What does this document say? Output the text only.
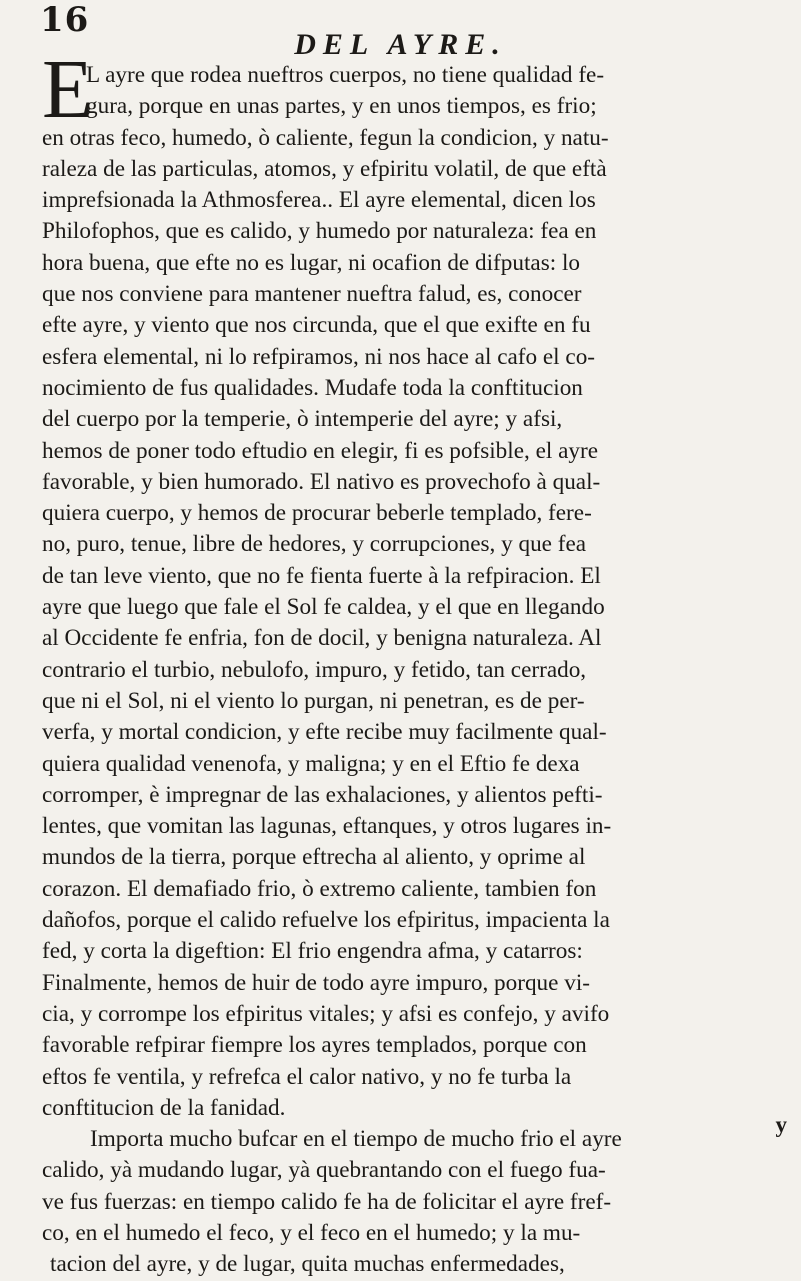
16
DEL AYRE.
E
L ayre que rodea nueftros cuerpos, no tiene qualidad fe-
gura, porque en unas partes, y en unos tiempos, es frio;
en otras feco, humedo, ò caliente, fegun la condicion, y natu-
raleza de las particulas, atomos, y efpiritu volatil, de que eftà
imprefsionada la Athmosferea.. El ayre elemental, dicen los
Philofophos, que es calido, y humedo por naturaleza: fea en
hora buena, que efte no es lugar, ni ocafion de difputas: lo
que nos conviene para mantener nueftra falud, es, conocer
efte ayre, y viento que nos circunda, que el que exifte en fu
esfera elemental, ni lo refpiramos, ni nos hace al cafo el co-
nocimiento de fus qualidades. Mudafe toda la conftitucion
del cuerpo por la temperie, ò intemperie del ayre; y afsi,
hemos de poner todo eftudio en elegir, fi es pofsible, el ayre
favorable, y bien humorado. El nativo es provechofo à qual-
quiera cuerpo, y hemos de procurar beberle templado, fere-
no, puro, tenue, libre de hedores, y corrupciones, y que fea
de tan leve viento, que no fe fienta fuerte à la refpiracion. El
ayre que luego que fale el Sol fe caldea, y el que en llegando
al Occidente fe enfria, fon de docil, y benigna naturaleza. Al
contrario el turbio, nebulofo, impuro, y fetido, tan cerrado,
que ni el Sol, ni el viento lo purgan, ni penetran, es de per-
verfa, y mortal condicion, y efte recibe muy facilmente qual-
quiera qualidad venenofa, y maligna; y en el Eftio fe dexa
corromper, è impregnar de las exhalaciones, y alientos pefti-
lentes, que vomitan las lagunas, eftanques, y otros lugares in-
mundos de la tierra, porque eftrecha al aliento, y oprime al
corazon. El demafiado frio, ò extremo caliente, tambien fon
dañofos, porque el calido refuelve los efpiritus, impacienta la
fed, y corta la digeftion: El frio engendra afma, y catarros:
Finalmente, hemos de huir de todo ayre impuro, porque vi-
cia, y corrompe los efpiritus vitales; y afsi es confejo, y avifo
favorable refpirar fiempre los ayres templados, porque con
eftos fe ventila, y refrefca el calor nativo, y no fe turba la
conftitucion de la fanidad.
Importa mucho bufcar en el tiempo de mucho frio el ayre
calido, yà mudando lugar, yà quebrantando con el fuego fua-
ve fus fuerzas: en tiempo calido fe ha de folicitar el ayre fref-
co, en el humedo el feco, y el feco en el humedo; y la mu-
tacion del ayre, y de lugar, quita muchas enfermedades,
y
